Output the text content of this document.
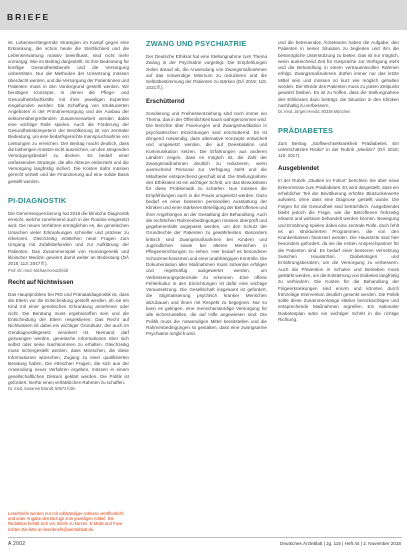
BRIEFE

ist. Lebensverlängernde Strategien im Kampf gegen eine Erkrankung, die schon heute die Sterblichkeit und die Lebenserwartung massiv beeinflusst, sind nicht mehr vorrangig. Wie im Beitrag dargestellt, ist ihre Bedeutung für künftige Gesundheitsberufe und die Versorgung unbestritten. Nur die Methoden der Umsetzung müssen überdacht werden, und die Versorgung der Patientinnen und Patienten muss in den Vordergrund gestellt werden. Wir benötigen Konzepte, in denen die Pflege- und Gesundheitsfachkräfte mit ihrer jeweiligen Expertise eingebunden werden. Die Schaffung von strukturierten Angeboten in der Primärversorgung und der Ausbau der sektorenübergreifenden Zusammenarbeit werden dabei eine wichtige Rolle spielen. Auch die Förderung der Gesundheitskompetenz der Bevölkerung ist von zentraler Bedeutung, um eine bedarfsgerechte Inanspruchnahme von Leistungen zu erreichen. Der Beitrag macht deutlich, dass die bisherigen Ansätze nicht ausreichen, um den steigenden Versorgungsbedarf zu decken. Es bedarf einer umfassenden Strategie, die alle Akteure einbezieht und die Versorgung langfristig sichert. Die Kosten dafür müssen gerecht verteilt und die Finanzierung auf eine solide Basis gestellt werden.

PI-DIAGNOSTIK

Die Genomsequenzierung hat 2016 die klinische Diagnostik erreicht, welche zunehmend auch in der Routine eingesetzt wird. Die neuen Verfahren ermöglichen es, die genetischen Ursachen vieler Erkrankungen schneller und präziser zu erkennen. Gleichzeitig entstehen neue Fragen zum Umgang mit Zufallsbefunden und zur Aufklärung der Patienten. Das Zusammenspiel von Humangenetik und klinischer Medizin gewinnt damit weiter an Bedeutung (DÄ 2016; 113: 2047 ff.).

Prof. Dr. med. Michael Kreutzfeldt

Recht auf Nichtwissen

Das Hauptproblem bei PID und Pränataldiagnostik ist, dass die Eltern vor die Entscheidung gestellt werden, ob sie ein Kind mit einer genetischen Erkrankung annehmen oder nicht. Die Beratung muss ergebnisoffen sein und die Entscheidung der Eltern respektieren. Das Recht auf Nichtwissen ist dabei ein wichtiger Grundsatz, der auch im Gendiagnostikgesetz verankert ist. Niemand darf gezwungen werden, genetische Informationen über sich selbst oder seine Nachkommen zu erhalten. Gleichzeitig muss sichergestellt werden, dass Menschen, die diese Informationen wünschen, Zugang zu einer qualifizierten Beratung haben. Die ethischen Fragen, die sich aus der Anwendung neuer Verfahren ergeben, müssen in einem gesellschaftlichen Diskurs geklärt werden. Die Politik ist gefordert, hierfür einen verlässlichen Rahmen zu schaffen.

Dr. med. Susanne Brandt, 50672 Köln

Leserbriefe werden nur mit vollständiger Adresse veröffentlicht und unter Angabe des Bezugs zum jeweiligen Artikel. Die Redaktion behält sich vor, Briefe zu kürzen. E-Mails und Faxe richten Sie bitte an leserbriefe@aerzteblatt.de.

ZWANG UND PSYCHIATRIE

Der Deutsche Ethikrat hat eine Stellungnahme zum Thema Zwang in der Psychiatrie vorgelegt. Die Empfehlungen zielen darauf ab, die Anwendung von Zwangsmaßnahmen auf das notwendige Minimum zu reduzieren und die Selbstbestimmung der Patienten zu stärken (DÄ 2018; 115: 1021 ff.).

Erschütternd

Sondierung und Freiheitsentziehung sind noch immer ein Thema, das in der Öffentlichkeit kaum wahrgenommen wird. Die Berichte über Fixierungen und Zwangsmedikation in psychiatrischen Einrichtungen sind erschütternd. Es ist dringend notwendig, dass alternative Konzepte entwickelt und umgesetzt werden, die auf Deeskalation und Kommunikation setzen. Die Erfahrungen aus anderen Ländern zeigen, dass es möglich ist, die Zahl der Zwangsmaßnahmen deutlich zu reduzieren, wenn ausreichend Personal zur Verfügung steht und die Mitarbeiter entsprechend geschult sind. Die Stellungnahme des Ethikrates ist ein wichtiger Schritt, um das Bewusstsein für diese Problematik zu schärfen. Nun müssen die Empfehlungen auch in die Praxis umgesetzt werden. Dazu bedarf es einer besseren personellen Ausstattung der Kliniken und einer stärkeren Beteiligung der Betroffenen und ihrer Angehörigen an der Gestaltung der Behandlung. Auch die rechtlichen Rahmenbedingungen müssen überprüft und gegebenenfalls angepasst werden, um den Schutz der Grundrechte der Patienten zu gewährleisten. Besonders kritisch sind Zwangsmaßnahmen bei Kindern und Jugendlichen sowie bei älteren Menschen in Pflegeeinrichtungen zu sehen. Hier bedarf es besonderer Schutzmechanismen und einer unabhängigen Kontrolle. Die Dokumentation aller Maßnahmen muss lückenlos erfolgen und regelmäßig ausgewertet werden, um Verbesserungspotenziale zu erkennen. Eine offene Fehlerkultur in den Einrichtungen ist dafür eine wichtige Voraussetzung. Die Gesellschaft insgesamt ist gefordert, die Stigmatisierung psychisch kranker Menschen abzubauen und ihnen mit Respekt zu begegnen. Nur so kann es gelingen, eine menschenwürdige Versorgung für alle sicherzustellen, die auf Hilfe angewiesen sind. Die Politik muss die notwendigen Mittel bereitstellen und die Rahmenbedingungen so gestalten, dass eine zwangsarme Psychiatrie möglich wird.

und die betreuenden Ärzteteams haben die Aufgabe, den Patienten in seiner Situation zu begleiten und ihm die bestmögliche Unterstützung zu bieten. Das ist nur möglich, wenn ausreichend Zeit für Gespräche zur Verfügung steht und die Behandlung in einem vertrauensvollen Rahmen erfolgt. Zwangsmaßnahmen dürfen immer nur das letzte Mittel sein und müssen so kurz wie möglich gehalten werden. Die Würde des Patienten muss zu jedem Zeitpunkt gewahrt bleiben. Es ist zu hoffen, dass die Stellungnahme des Ethikrates dazu beiträgt, die Situation in den Kliniken nachhaltig zu verbessern.

Dr. med. Jürgen Herold, 80336 München

PRÄDIABETES

Zum Beitrag „Stoffwechselkrankheit Prädiabetes: Ein unterschätztes Risiko“ in der Rubrik „Medizin“ (DÄ 2018; 115: 2017).

Ausgeblendet

In der Rubrik „Studien im Fokus“ berichten Sie über neue Erkenntnisse zum Prädiabetes. Es wird dargestellt, dass ein erheblicher Teil der Bevölkerung erhöhte Blutzuckerwerte aufweist, ohne dass eine Diagnose gestellt wurde. Die Folgen für die Gesundheit sind beträchtlich. Ausgeblendet bleibt jedoch die Frage, wie die Betroffenen frühzeitig erkannt und wirksam behandelt werden können. Bewegung und Ernährung spielen dabei eine zentrale Rolle, doch fehlt es an strukturierten Programmen, die von den Krankenkassen finanziert werden. Die Hausärzte sind hier besonders gefordert, da sie die ersten Ansprechpartner für die Patienten sind. Es bedarf einer besseren Vernetzung zwischen Hausärzten, Diabetologen und Ernährungsberatern, um die Versorgung zu verbessern. Auch die Prävention in Schulen und Betrieben muss gestärkt werden, um die Entstehung von Diabetes langfristig zu verhindern. Die Kosten für die Behandlung der Folgeerkrankungen sind enorm und könnten durch frühzeitige Intervention deutlich gesenkt werden. Die Politik sollte diese Zusammenhänge stärker berücksichtigen und entsprechende Maßnahmen ergreifen. Ein nationaler Diabetesplan wäre ein wichtiger Schritt in die richtige Richtung.

A 2002	Deutsches Ärzteblatt | Jg. 115 | Heft 44 | 2. November 2018
